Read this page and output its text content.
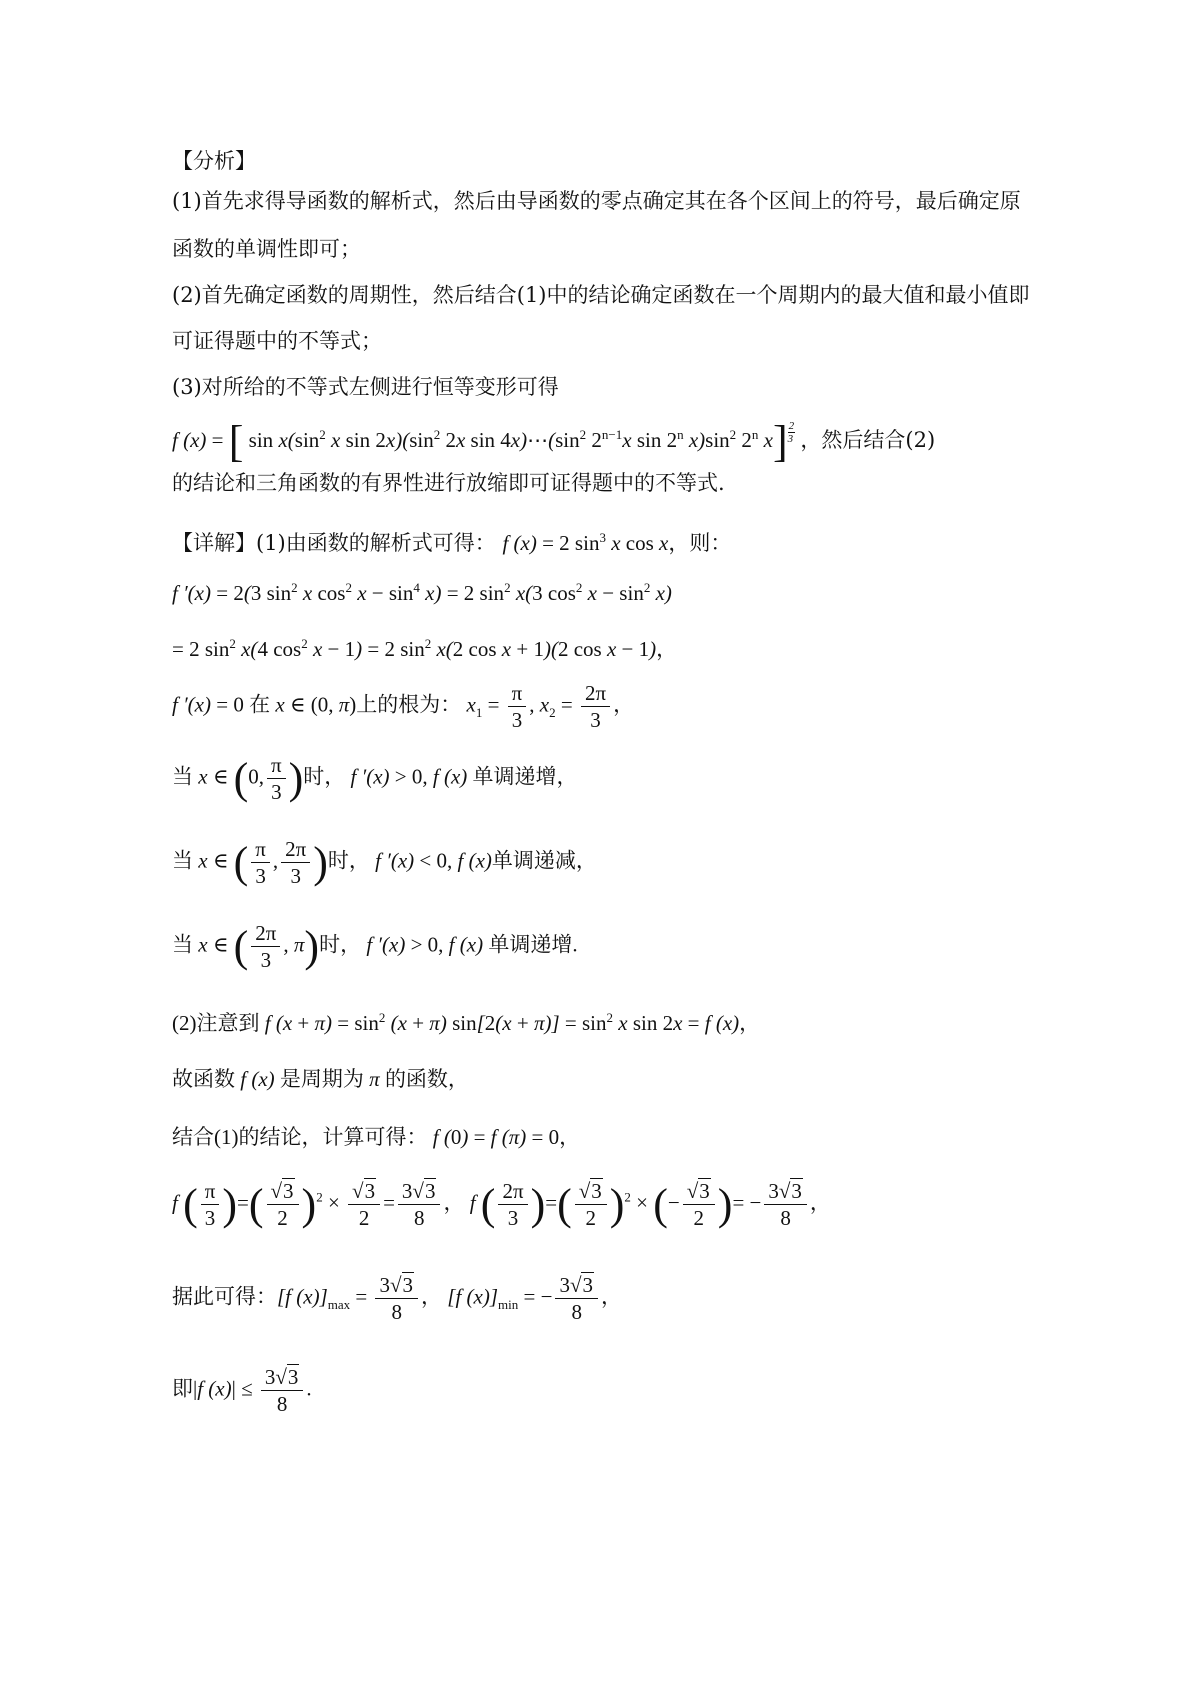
【分析】
(1)首先求得导函数的解析式，然后由导函数的零点确定其在各个区间上的符号，最后确定原
函数的单调性即可；
(2)首先确定函数的周期性，然后结合(1)中的结论确定函数在一个周期内的最大值和最小值即
可证得题中的不等式；
(3)对所给的不等式左侧进行恒等变形可得
f (x) = [ $\sin x(\sin^2$ x $\sin 2x)(\sin^2$ 2x $\sin 4x)\cdots(\sin^2$ $2^{n-1}x$ sin 2$^n$ $x)\sin^2$ 2$^n$ $x] \frac{2}{3}$ ，然后结合(2)
的结论和三角函数的有界性进行放缩即可证得题中的不等式.
【详解】(1)由函数的解析式可得： f (x) = 2 $\sin^3 x$ cos x，则：
f ′(x) = 2(3 $\sin^2 x$ $\cos^2 x - \sin^4 x) = 2$ $\sin^2 x(3$ $\cos^2 x - \sin^2 x$)
= 2 $\sin^2 x(4$ $\cos^2 x - 1) = 2$ $\sin^2 x(2$ cos x + 1)(2 cos x − 1)，
f ′(x) = 0 在 x ∈ (0, π)上的根为： $x_1 = \frac{\pi}{3}$ , $x_2 = \frac{2\pi}{3}$ ，
当 x ∈ (0, $\frac{\pi}{3}$ )时， f ′(x) > 0, f (x) 单调递增，
当 x ∈ ( $\frac{\pi}{3}$ , $\frac{2\pi}{3}$ )时， f ′(x) < 0, f (x)单调递减，
当 x ∈ ( $\frac{2\pi}{3}$ , π)时， f ′(x) > 0, f (x) 单调递增.
(2)注意到 f $(x + \pi) = \sin^2 (x + \pi) \sin[2(x + \pi)] = \sin^2 x$ sin 2x = f (x)，
故函数 f (x) 是周期为 π 的函数，
结合(1)的结论，计算可得： f (0) = f (π) = 0，
f ( $\frac{\pi}{3}$ )=( $\frac{√3}{2} )^2 \times \frac{√3}{2} = \frac{3√3}{8}$ ， f ( $\frac{2\pi}{3}$ )=( $\frac{√3}{2} )^2$ × (− $\frac{√3}{2}$ )= − $\frac{3√3}{8}$ ，
据此可得：[f $(x)]_{max} = \frac{3√3}{8}$ ， [f $(x)]_{min}$ = − $\frac{3√3}{8}$ ，
即|f $(x)| \le \frac{3√3}{8}$ .
